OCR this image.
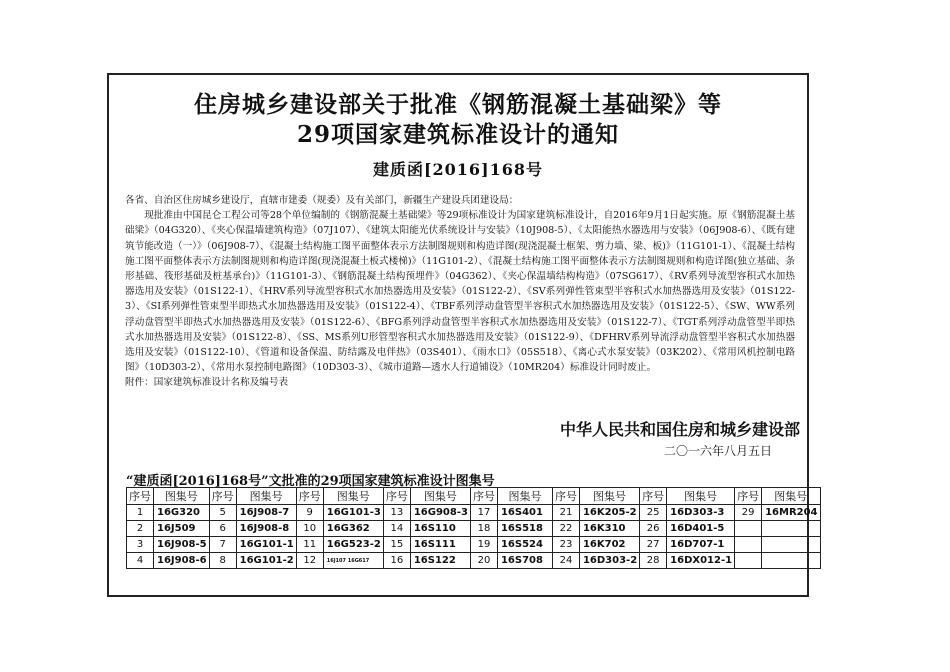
住房城乡建设部关于批准《钢筋混凝土基础梁》等
29项国家建筑标准设计的通知
建质函[2016]168号

各省、自治区住房城乡建设厅，直辖市建委（规委）及有关部门，新疆生产建设兵团建设局：

现批准由中国昆仑工程公司等28个单位编制的《钢筋混凝土基础梁》等29项标准设计为国家建筑标准设计，自2016年9月1日起实施。原《钢筋混凝土基础梁》（04G320）、《夹心保温墙建筑构造》（07J107）、《建筑太阳能光伏系统设计与安装》（10J908-5）、《太阳能热水器选用与安装》（06J908-6）、《既有建筑节能改造（一）》（06J908-7）、《混凝土结构施工图平面整体表示方法制图规则和构造详图(现浇混凝土框架、剪力墙、梁、板)》（11G101-1）、《混凝土结构施工图平面整体表示方法制图规则和构造详图(现浇混凝土板式楼梯)》（11G101-2）、《混凝土结构施工图平面整体表示方法制图规则和构造详图(独立基础、条形基础、筏形基础及桩基承台)》（11G101-3）、《钢筋混凝土结构预埋件》（04G362）、《夹心保温墙结构构造》（07SG617）、《RV系列导流型容积式水加热器选用及安装》（01S122-1）、《HRV系列导流型容积式水加热器选用及安装》（01S122-2）、《SV系列弹性管束型半容积式水加热器选用及安装》（01S122-3）、《SI系列弹性管束型半即热式水加热器选用及安装》（01S122-4）、《TBF系列浮动盘管型半容积式水加热器选用及安装》（01S122-5）、《SW、WW系列浮动盘管型半即热式水加热器选用及安装》（01S122-6）、《BFG系列浮动盘管型半容积式水加热器选用及安装》（01S122-7）、《TGT系列浮动盘管型半即热式水加热器选用及安装》（01S122-8）、《SS、MS系列U形管型容积式水加热器选用及安装》（01S122-9）、《DFHRV系列导流浮动盘管型半容积式水加热器选用及安装》（01S122-10）、《管道和设备保温、防结露及电伴热》（03S401）、《雨水口》（05S518）、《离心式水泵安装》（03K202）、《常用风机控制电路图》（10D303-2）、《常用水泵控制电路图》（10D303-3）、《城市道路—透水人行道铺设》（10MR204）标准设计同时废止。

附件：国家建筑标准设计名称及编号表

中华人民共和国住房和城乡建设部
二〇一六年八月五日
“建质函[2016]168号”文批准的29项国家建筑标准设计图集号
序号	图集号	序号	图集号	序号	图集号	序号	图集号	序号	图集号	序号	图集号	序号	图集号	序号	图集号
1	16G320	5	16J908-7	9	16G101-3	13	16G908-3	17	16S401	21	16K205-2	25	16D303-3	29	16MR204
2	16J509	6	16J908-8	10	16G362	14	16S110	18	16S518	22	16K310	26	16D401-5		
3	16J908-5	7	16G101-1	11	16G523-2	15	16S111	19	16S524	23	16K702	27	16D707-1		
4	16J908-6	8	16G101-2	12	16J107 16G617	16	16S122	20	16S708	24	16D303-2	28	16DX012-1		
